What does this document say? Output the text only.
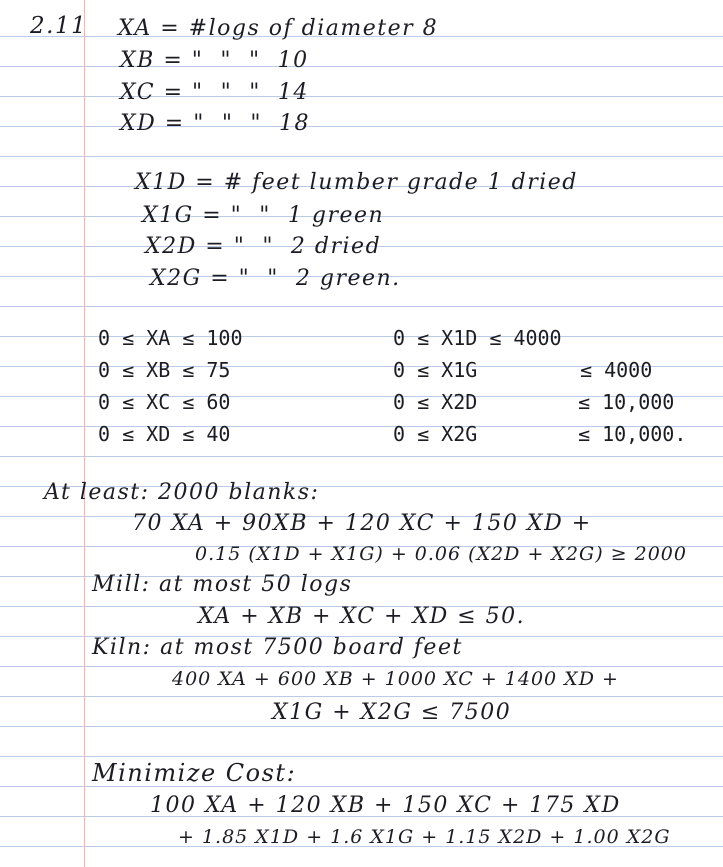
2.11 XA = #logs of diameter 8
XB = "  "  "  10
XC = "  "  "  14
XD = "  "  "  18
X1D = # feet lumber grade 1 dried
X1G = "  "  1 green
X2D = "  "  2 dried
X2G = "  "  2 green.
0 ≤ XA ≤ 100
0 ≤ XB ≤ 75
0 ≤ XC ≤ 60
0 ≤ XD ≤ 40
0 ≤ X1D ≤ 4000
0 ≤ X1G
0 ≤ X2D
0 ≤ X2G
≤ 4000
≤ 10,000
≤ 10,000.
At least: 2000 blanks:
70 XA + 90XB + 120 XC + 150 XD +
0.15 (X1D + X1G) + 0.06 (X2D + X2G) ≥ 2000
Mill: at most 50 logs
XA + XB + XC + XD ≤ 50.
Kiln: at most 7500 board feet
400 XA + 600 XB + 1000 XC + 1400 XD +
X1G + X2G ≤ 7500
Minimize Cost:
100 XA + 120 XB + 150 XC + 175 XD
+ 1.85 X1D + 1.6 X1G + 1.15 X2D + 1.00 X2G
